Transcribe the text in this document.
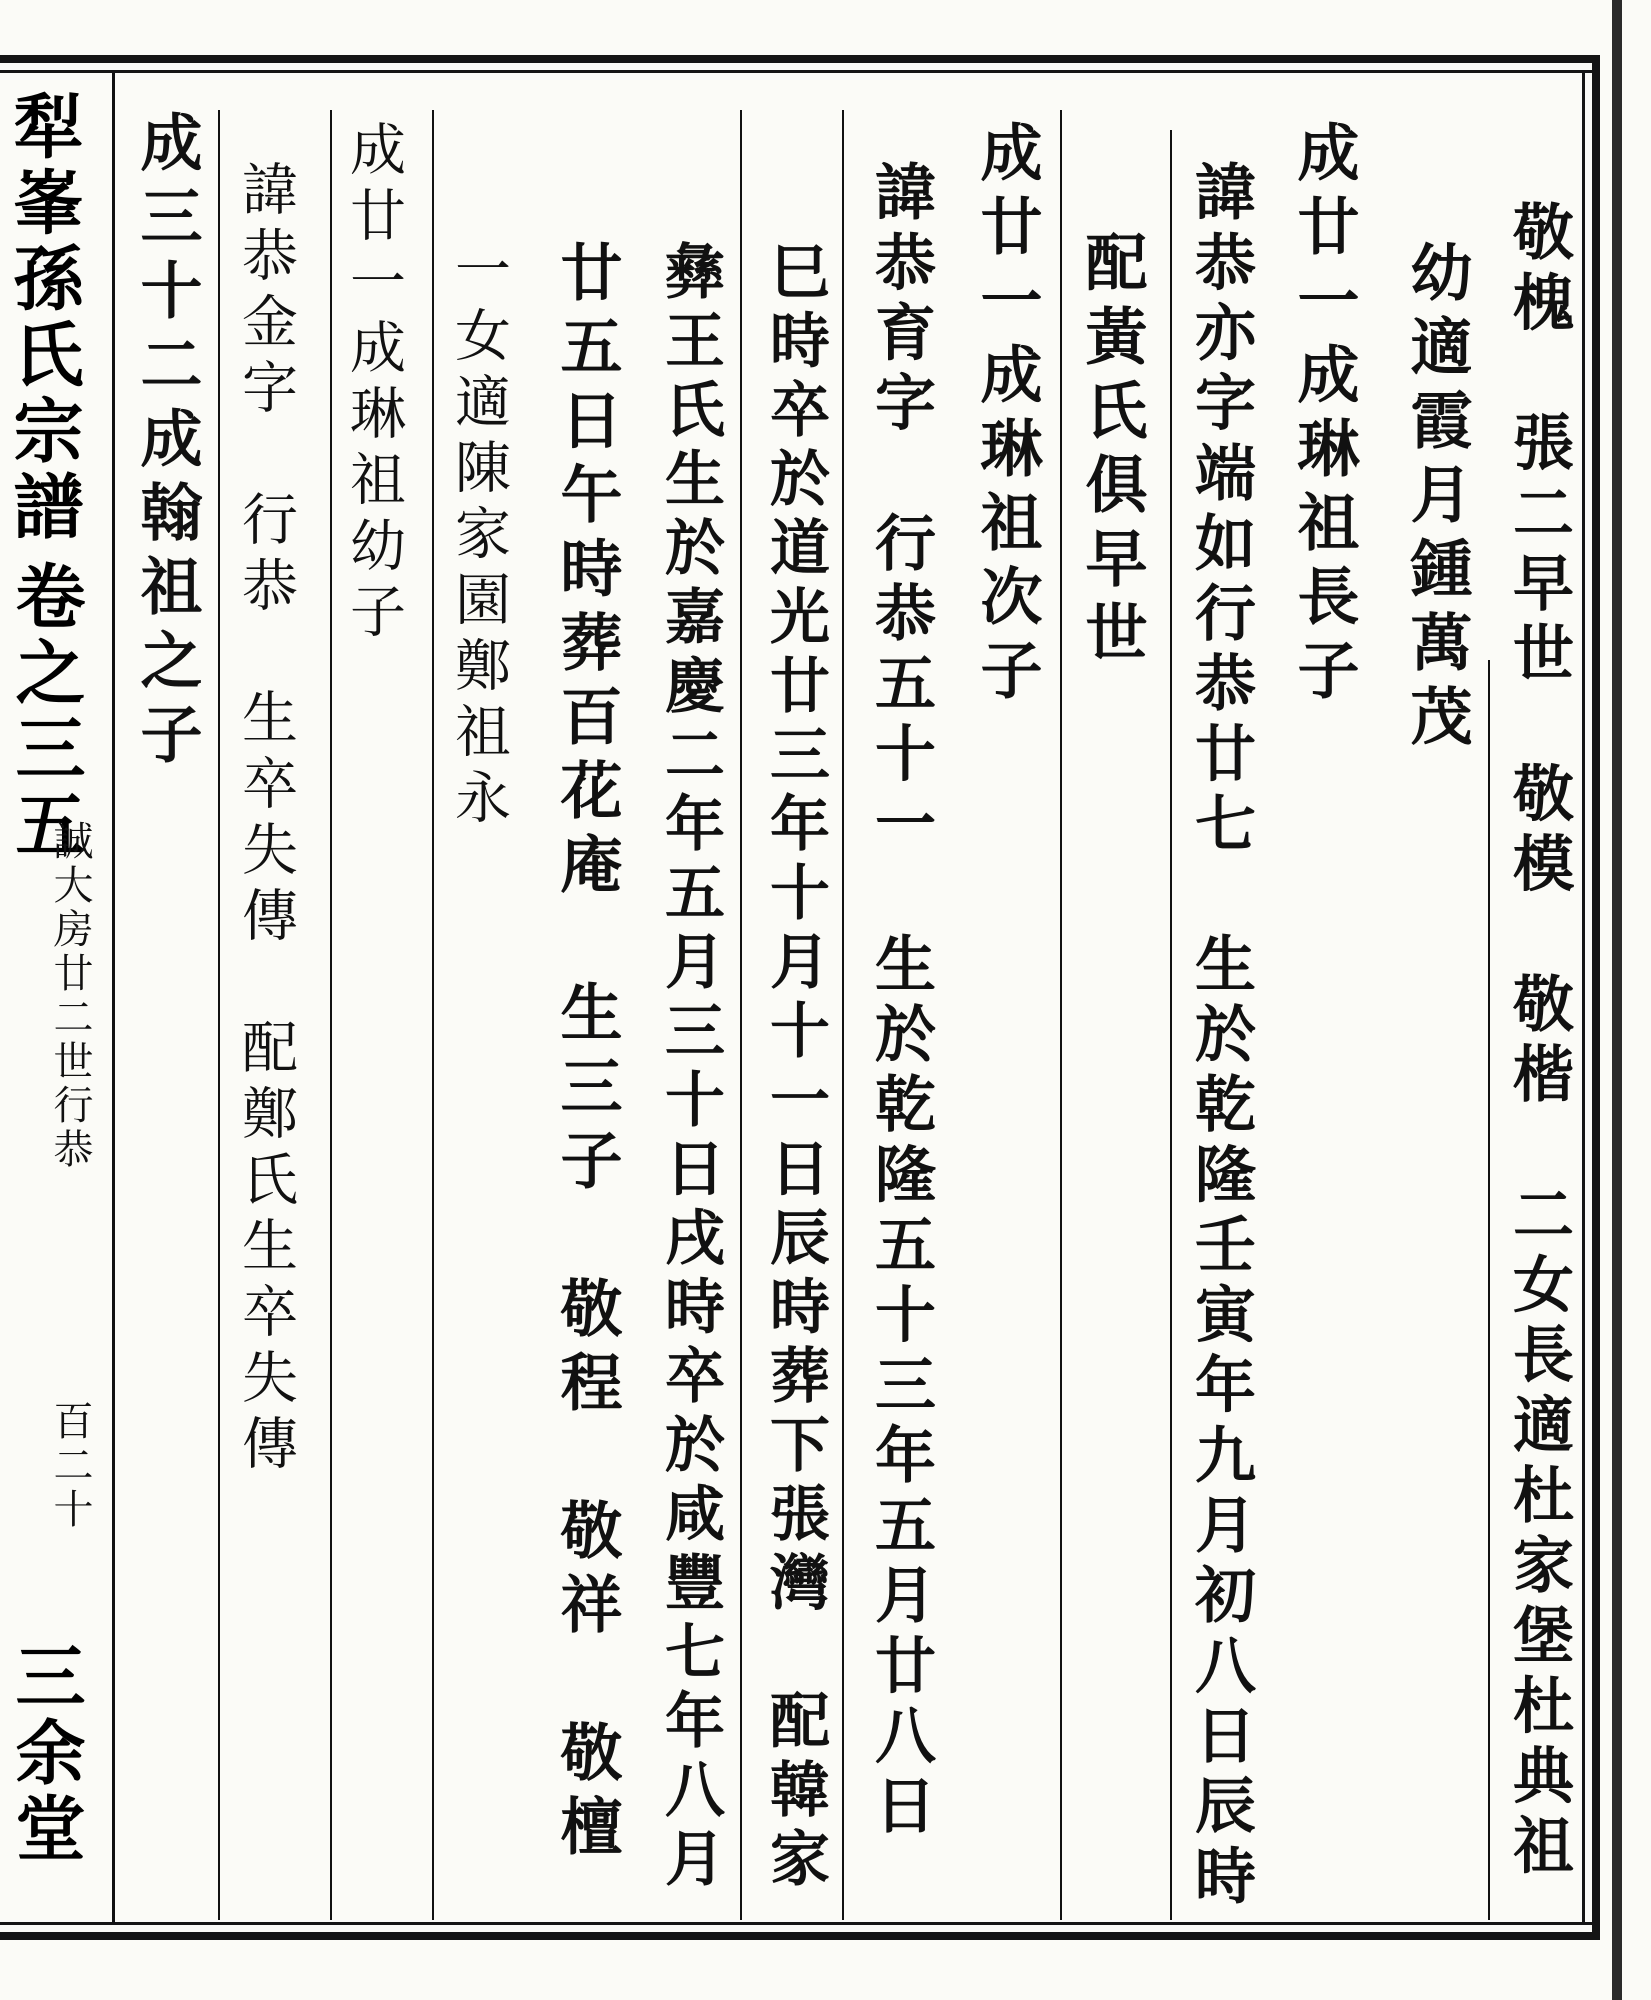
犁峯孫氏宗譜
卷之三五
誠大房廿二世行恭
百二十
三余堂	敬槐　張二早世　敬模　敬楷　二女長適杜家堡杜典祖
幼適霞月鍾萬茂
成廿一成琳祖長子
諱恭亦字端如行恭廿七　生於乾隆壬寅年九月初八日辰時
配黃氏俱早世
成廿一成琳祖次子
諱恭育字　行恭五十一　生於乾隆五十三年五月廿八日
巳時卒於道光廿三年十月十一日辰時葬下張灣　配韓家
彝王氏生於嘉慶二年五月三十日戌時卒於咸豐七年八月
廿五日午時葬百花庵　生三子　敬程　敬祥　敬檀
一女適陳家園鄭祖永
成廿一成琳祖幼子
諱恭金字　行恭　生卒失傳　配鄭氏生卒失傳
成三十二成翰祖之子
